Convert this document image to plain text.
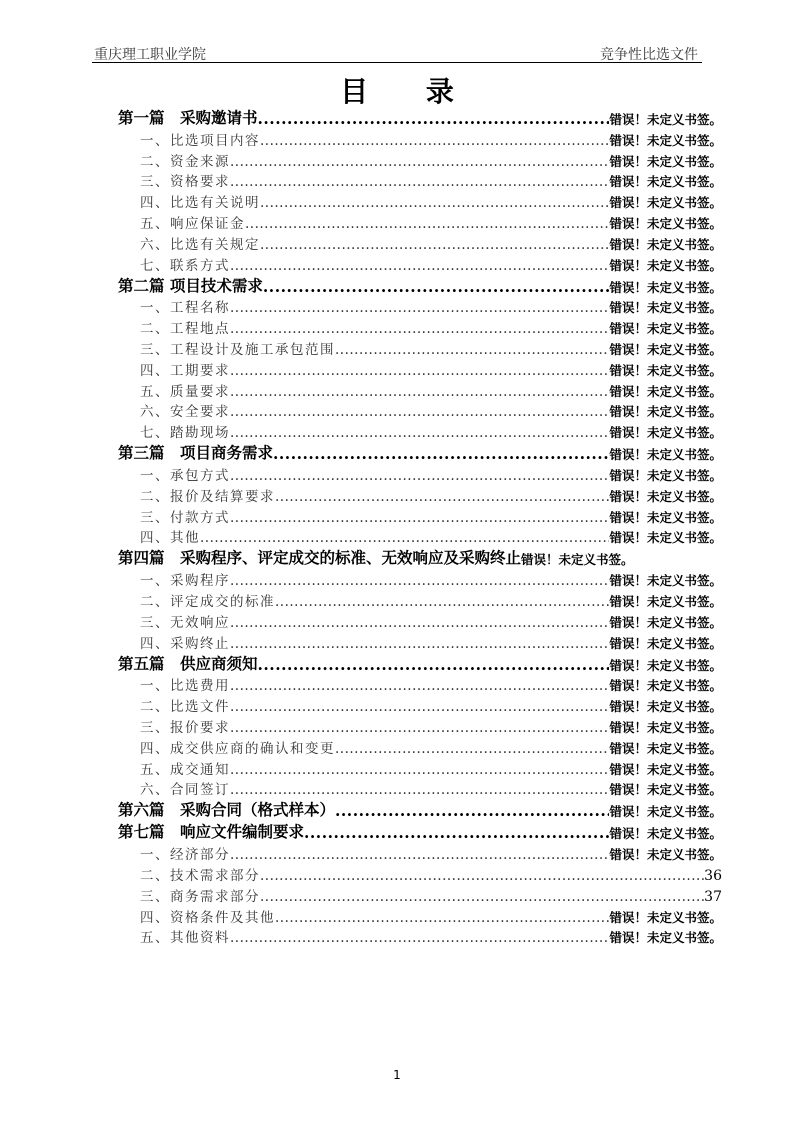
重庆理工职业学院	竞争性比选文件
目 录
第一篇　采购邀请书 .....	错误！未定义书签。
一、比选项目内容 .....	错误！未定义书签。
二、资金来源 .....	错误！未定义书签。
三、资格要求 .....	错误！未定义书签。
四、比选有关说明 .....	错误！未定义书签。
五、响应保证金 .....	错误！未定义书签。
六、比选有关规定 .....	错误！未定义书签。
七、联系方式 .....	错误！未定义书签。
第二篇 项目技术需求 .....	错误！未定义书签。
一、工程名称 .....	错误！未定义书签。
二、工程地点 .....	错误！未定义书签。
三、工程设计及施工承包范围 .....	错误！未定义书签。
四、工期要求 .....	错误！未定义书签。
五、质量要求 .....	错误！未定义书签。
六、安全要求 .....	错误！未定义书签。
七、踏勘现场 .....	错误！未定义书签。
第三篇　项目商务需求 .....	错误！未定义书签。
一、承包方式 .....	错误！未定义书签。
二、报价及结算要求 .....	错误！未定义书签。
三、付款方式 .....	错误！未定义书签。
四、其他 .....	错误！未定义书签。
第四篇　采购程序、评定成交的标准、无效响应及采购终止 错误！未定义书签。
一、采购程序 .....	错误！未定义书签。
二、评定成交的标准 .....	错误！未定义书签。
三、无效响应 .....	错误！未定义书签。
四、采购终止 .....	错误！未定义书签。
第五篇　供应商须知 .....	错误！未定义书签。
一、比选费用 .....	错误！未定义书签。
二、比选文件 .....	错误！未定义书签。
三、报价要求 .....	错误！未定义书签。
四、成交供应商的确认和变更 .....	错误！未定义书签。
五、成交通知 .....	错误！未定义书签。
六、合同签订 .....	错误！未定义书签。
第六篇　采购合同（格式样本） .....	错误！未定义书签。
第七篇　响应文件编制要求 .....	错误！未定义书签。
一、经济部分 .....	错误！未定义书签。
二、技术需求部分 .....	36
三、商务需求部分 .....	37
四、资格条件及其他 .....	错误！未定义书签。
五、其他资料 .....	错误！未定义书签。
1
